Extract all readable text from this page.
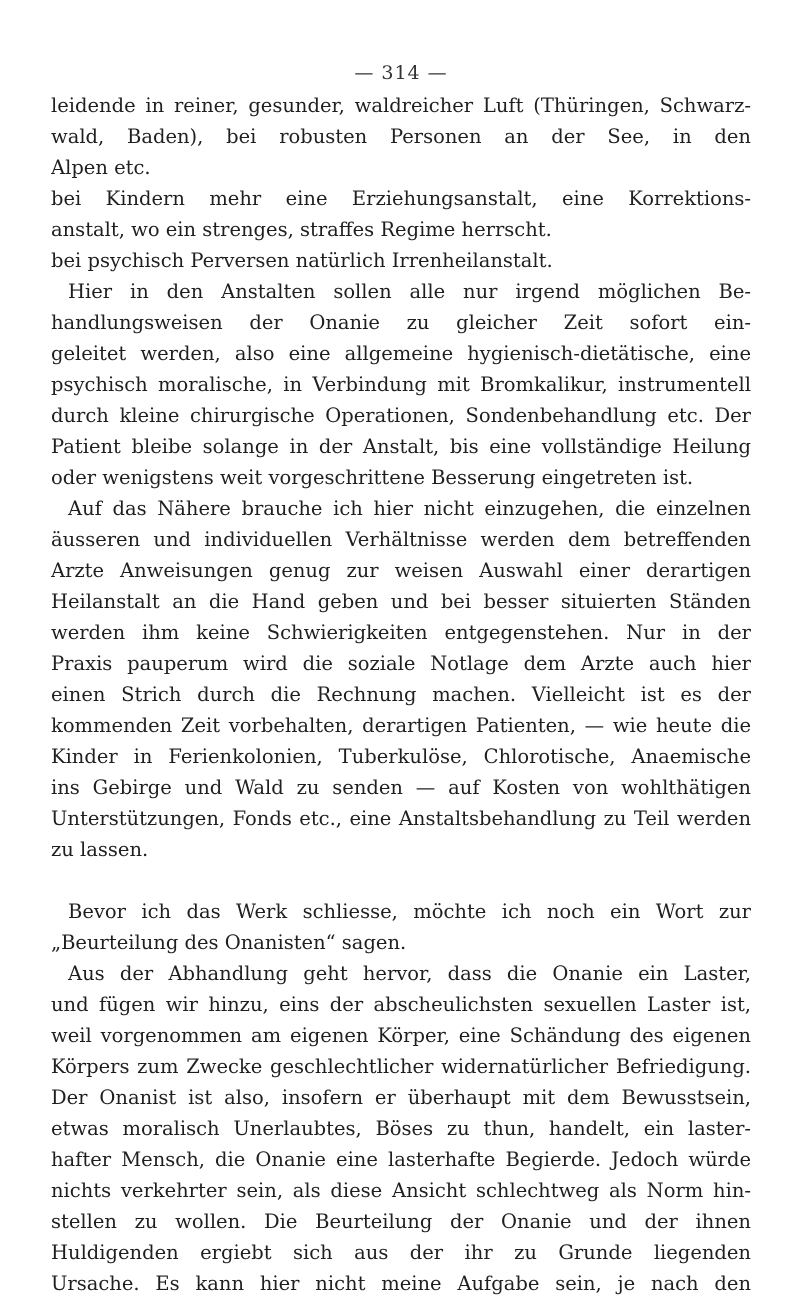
— 314 —
leidende in reiner, gesunder, waldreicher Luft (Thüringen, Schwarz-
wald, Baden), bei robusten Personen an der See, in den
Alpen etc.
bei Kindern mehr eine Erziehungsanstalt, eine Korrektions-
anstalt, wo ein strenges, straffes Regime herrscht.
bei psychisch Perversen natürlich Irrenheilanstalt.
Hier in den Anstalten sollen alle nur irgend möglichen Be-
handlungsweisen der Onanie zu gleicher Zeit sofort ein-
geleitet werden, also eine allgemeine hygienisch-dietätische, eine
psychisch moralische, in Verbindung mit Bromkalikur, instrumentell
durch kleine chirurgische Operationen, Sondenbehandlung etc. Der
Patient bleibe solange in der Anstalt, bis eine vollständige Heilung
oder wenigstens weit vorgeschrittene Besserung eingetreten ist.
Auf das Nähere brauche ich hier nicht einzugehen, die einzelnen
äusseren und individuellen Verhältnisse werden dem betreffenden
Arzte Anweisungen genug zur weisen Auswahl einer derartigen
Heilanstalt an die Hand geben und bei besser situierten Ständen
werden ihm keine Schwierigkeiten entgegenstehen. Nur in der
Praxis pauperum wird die soziale Notlage dem Arzte auch hier
einen Strich durch die Rechnung machen. Vielleicht ist es der
kommenden Zeit vorbehalten, derartigen Patienten, — wie heute die
Kinder in Ferienkolonien, Tuberkulöse, Chlorotische, Anaemische
ins Gebirge und Wald zu senden — auf Kosten von wohlthätigen
Unterstützungen, Fonds etc., eine Anstaltsbehandlung zu Teil werden
zu lassen.
Bevor ich das Werk schliesse, möchte ich noch ein Wort zur
„Beurteilung des Onanisten“ sagen.
Aus der Abhandlung geht hervor, dass die Onanie ein Laster,
und fügen wir hinzu, eins der abscheulichsten sexuellen Laster ist,
weil vorgenommen am eigenen Körper, eine Schändung des eigenen
Körpers zum Zwecke geschlechtlicher widernatürlicher Befriedigung.
Der Onanist ist also, insofern er überhaupt mit dem Bewusstsein,
etwas moralisch Unerlaubtes, Böses zu thun, handelt, ein laster-
hafter Mensch, die Onanie eine lasterhafte Begierde. Jedoch würde
nichts verkehrter sein, als diese Ansicht schlechtweg als Norm hin-
stellen zu wollen. Die Beurteilung der Onanie und der ihnen
Huldigenden ergiebt sich aus der ihr zu Grunde liegenden
Ursache. Es kann hier nicht meine Aufgabe sein, je nach den
